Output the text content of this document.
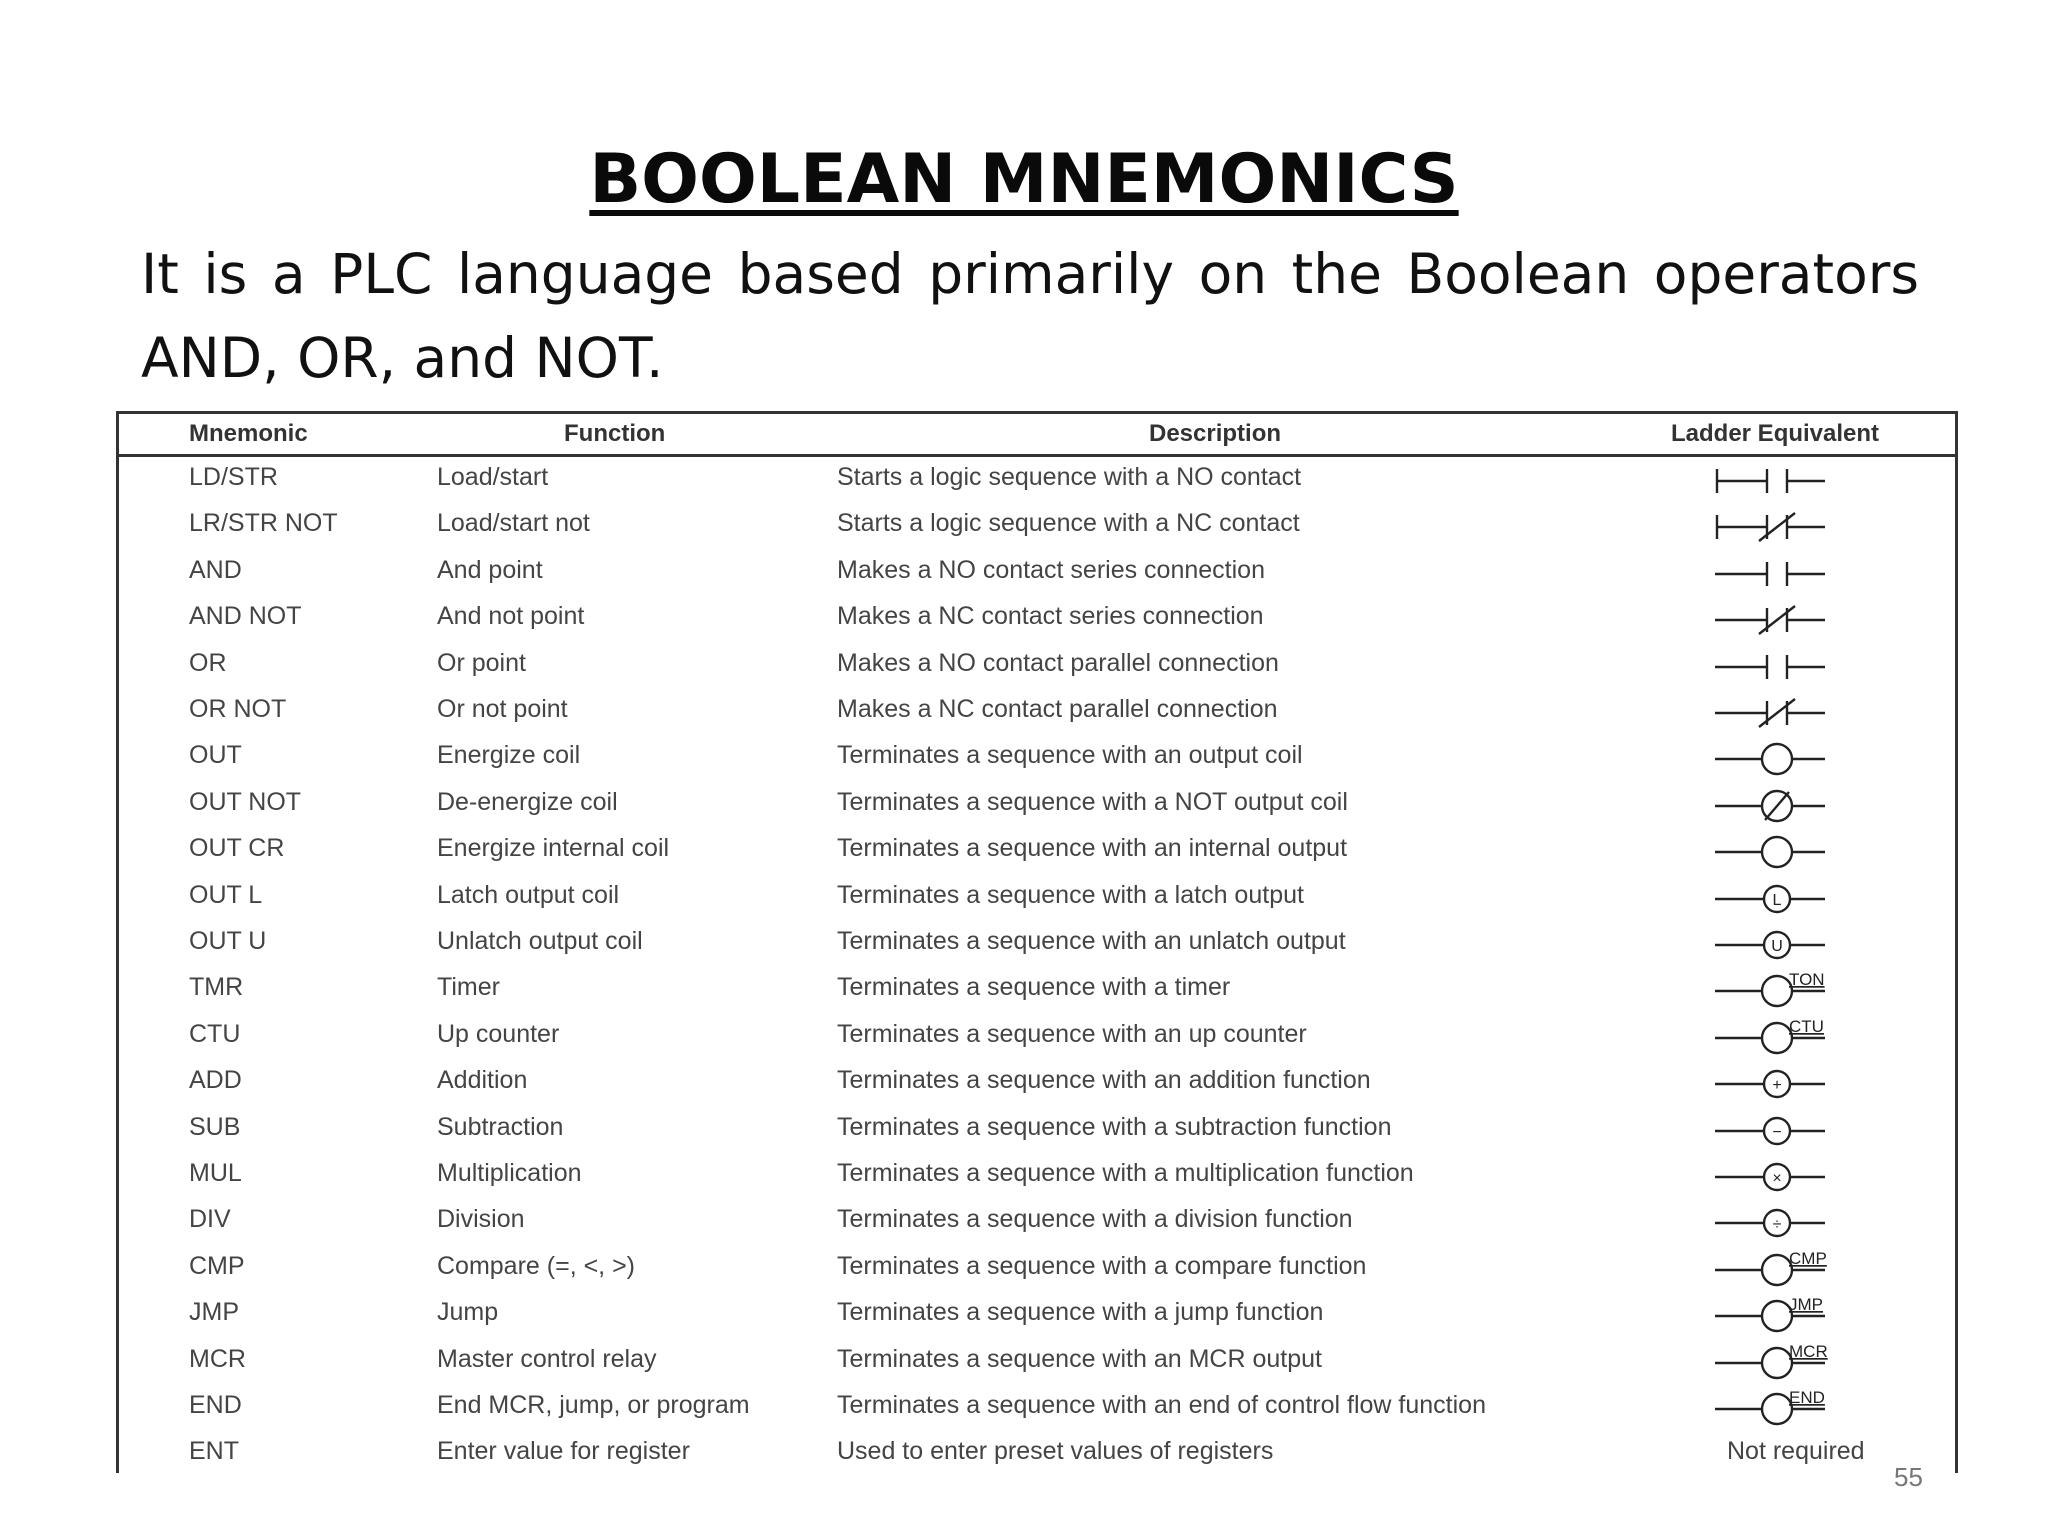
BOOLEAN MNEMONICS
It is a PLC language based primarily on the Boolean operators AND, OR, and NOT.
Mnemonic	Function	Description	Ladder Equivalent
LD/STR	Load/start	Starts a logic sequence with a NO contact
LR/STR NOT	Load/start not	Starts a logic sequence with a NC contact
AND	And point	Makes a NO contact series connection
AND NOT	And not point	Makes a NC contact series connection
OR	Or point	Makes a NO contact parallel connection
OR NOT	Or not point	Makes a NC contact parallel connection
OUT	Energize coil	Terminates a sequence with an output coil
OUT NOT	De-energize coil	Terminates a sequence with a NOT output coil
OUT CR	Energize internal coil	Terminates a sequence with an internal output
OUT L	Latch output coil	Terminates a sequence with a latch output	L
OUT U	Unlatch output coil	Terminates a sequence with an unlatch output	U
TMR	Timer	Terminates a sequence with a timer	TON
CTU	Up counter	Terminates a sequence with an up counter	CTU
ADD	Addition	Terminates a sequence with an addition function	+
SUB	Subtraction	Terminates a sequence with a subtraction function	−
MUL	Multiplication	Terminates a sequence with a multiplication function	×
DIV	Division	Terminates a sequence with a division function	÷
CMP	Compare (=, <, >)	Terminates a sequence with a compare function	CMP
JMP	Jump	Terminates a sequence with a jump function	JMP
MCR	Master control relay	Terminates a sequence with an MCR output	MCR
END	End MCR, jump, or program	Terminates a sequence with an end of control flow function	END
ENT	Enter value for register	Used to enter preset values of registers	Not required
55
